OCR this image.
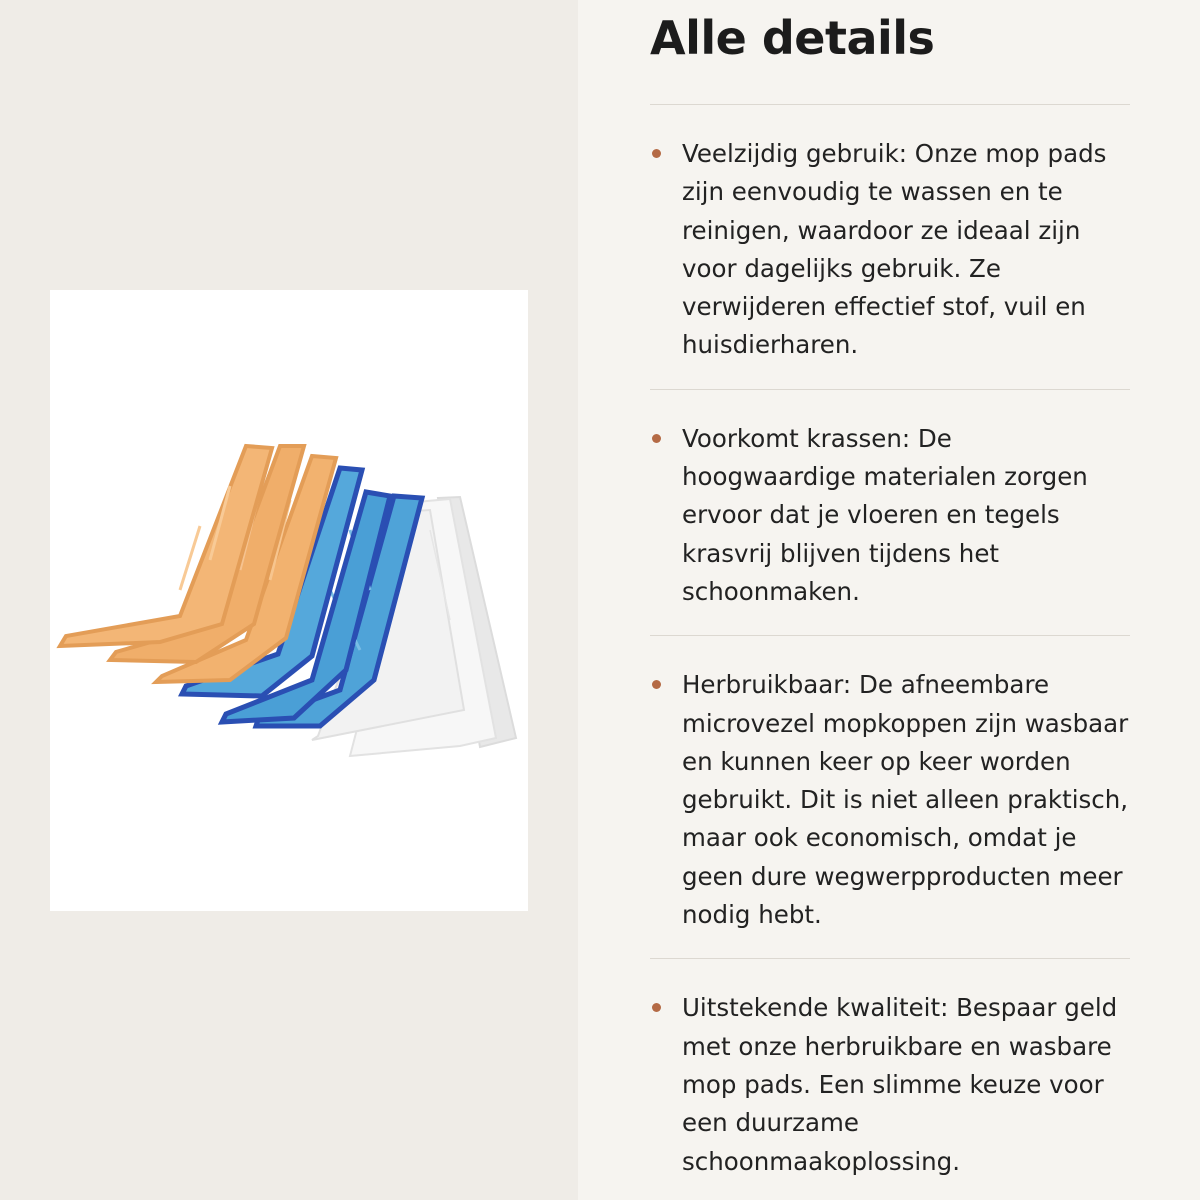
Alle details
Veelzijdig gebruik: Onze mop pads zijn eenvoudig te wassen en te reinigen, waardoor ze ideaal zijn voor dagelijks gebruik. Ze verwijderen effectief stof, vuil en huisdierharen.
Voorkomt krassen: De hoogwaardige materialen zorgen ervoor dat je vloeren en tegels krasvrij blijven tijdens het schoonmaken.
Herbruikbaar: De afneembare microvezel mopkoppen zijn wasbaar en kunnen keer op keer worden gebruikt. Dit is niet alleen praktisch, maar ook economisch, omdat je geen dure wegwerpproducten meer nodig hebt.
Uitstekende kwaliteit: Bespaar geld met onze herbruikbare en wasbare mop pads. Een slimme keuze voor een duurzame schoonmaakoplossing.
